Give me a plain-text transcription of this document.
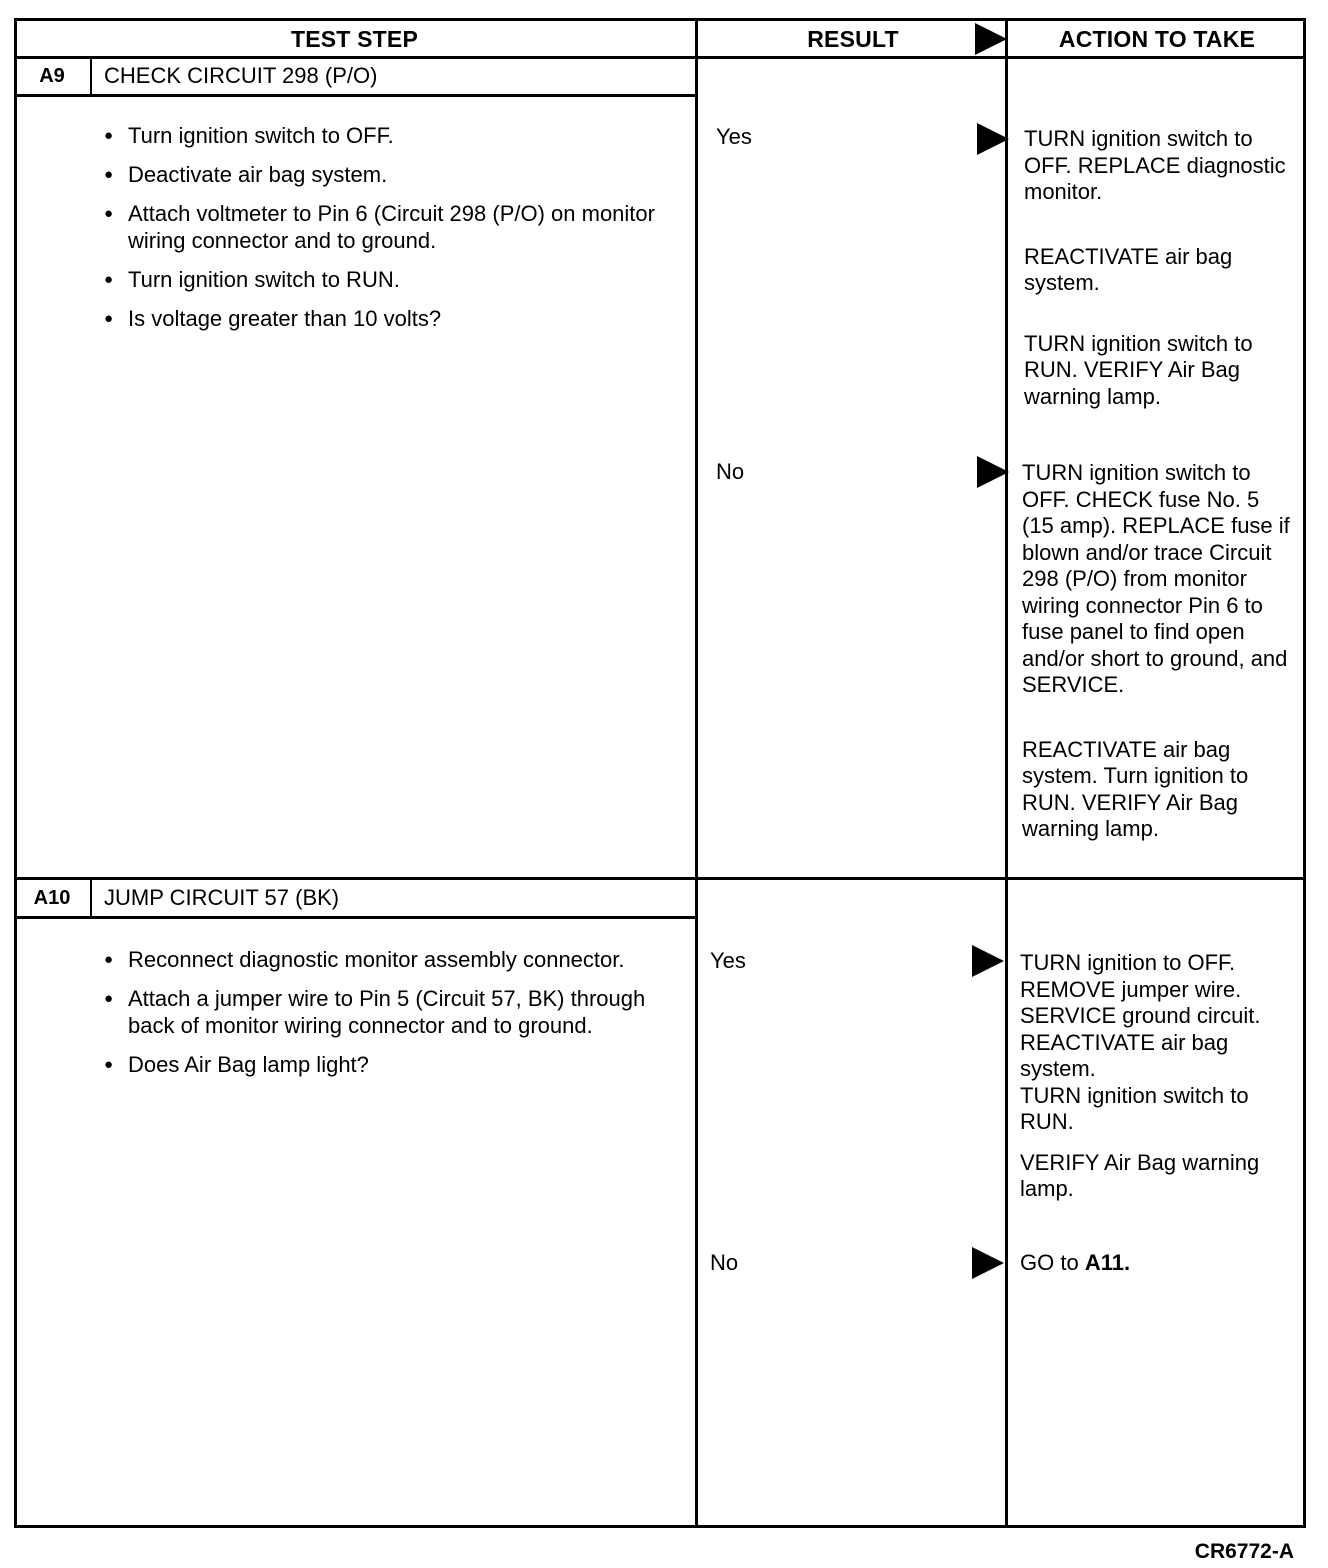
TEST STEP	RESULT	ACTION TO TAKE
A9	CHECK CIRCUIT 298 (P/O)
● Turn ignition switch to OFF.
● Deactivate air bag system.
● Attach voltmeter to Pin 6 (Circuit 298 (P/O) on monitor wiring connector and to ground.
● Turn ignition switch to RUN.
● Is voltage greater than 10 volts?
Yes	TURN ignition switch to OFF. REPLACE diagnostic monitor.

REACTIVATE air bag system.

TURN ignition switch to RUN. VERIFY Air Bag warning lamp.

No	TURN ignition switch to OFF. CHECK fuse No. 5 (15 amp). REPLACE fuse if blown and/or trace Circuit 298 (P/O) from monitor wiring connector Pin 6 to fuse panel to find open and/or short to ground, and SERVICE.

REACTIVATE air bag system. Turn ignition to RUN. VERIFY Air Bag warning lamp.

A10	JUMP CIRCUIT 57 (BK)
● Reconnect diagnostic monitor assembly connector.
● Attach a jumper wire to Pin 5 (Circuit 57, BK) through back of monitor wiring connector and to ground.
● Does Air Bag lamp light?
Yes	TURN ignition to OFF.
REMOVE jumper wire.
SERVICE ground circuit.
REACTIVATE air bag system.
TURN ignition switch to RUN.

VERIFY Air Bag warning lamp.

No	GO to A11.

CR6772-A
